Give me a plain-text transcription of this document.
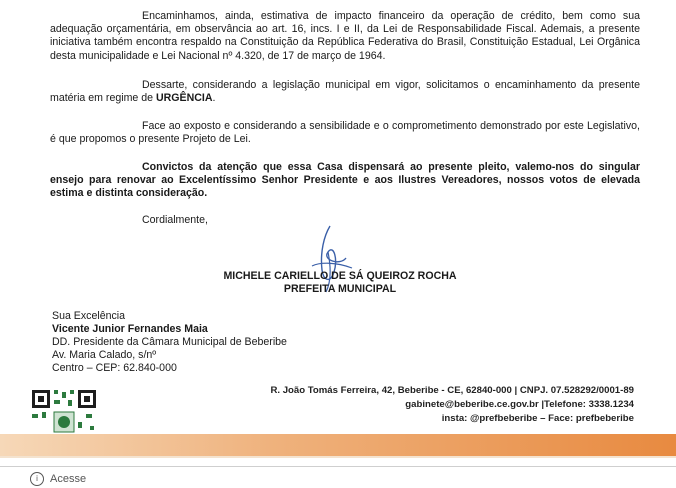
Encaminhamos, ainda, estimativa de impacto financeiro da operação de crédito, bem como sua adequação orçamentária, em observância ao art. 16, incs. I e II, da Lei de Responsabilidade Fiscal. Ademais, a presente iniciativa também encontra respaldo na Constituição da República Federativa do Brasil, Constituição Estadual, Lei Orgânica desta municipalidade e Lei Nacional nº 4.320, de 17 de março de 1964.

Dessarte, considerando a legislação municipal em vigor, solicitamos o encaminhamento da presente matéria em regime de URGÊNCIA.

Face ao exposto e considerando a sensibilidade e o comprometimento demonstrado por este Legislativo, é que propomos o presente Projeto de Lei.

Convictos da atenção que essa Casa dispensará ao presente pleito, valemo-nos do singular ensejo para renovar ao Excelentíssimo Senhor Presidente e aos Ilustres Vereadores, nossos votos de elevada estima e distinta consideração.

Cordialmente,

MICHELE CARIELLO DE SÁ QUEIROZ ROCHA
PREFEITA MUNICIPAL
Sua Excelência
Vicente Junior Fernandes Maia
DD. Presidente da Câmara Municipal de Beberibe
Av. Maria Calado, s/nº
Centro – CEP: 62.840-000
R. João Tomás Ferreira, 42, Beberibe - CE, 62840-000 | CNPJ. 07.528292/0001-89
gabinete@beberibe.ce.gov.br |Telefone: 3338.1234
insta: @prefbeberibe – Face: prefbeberibe
i	Acesse
